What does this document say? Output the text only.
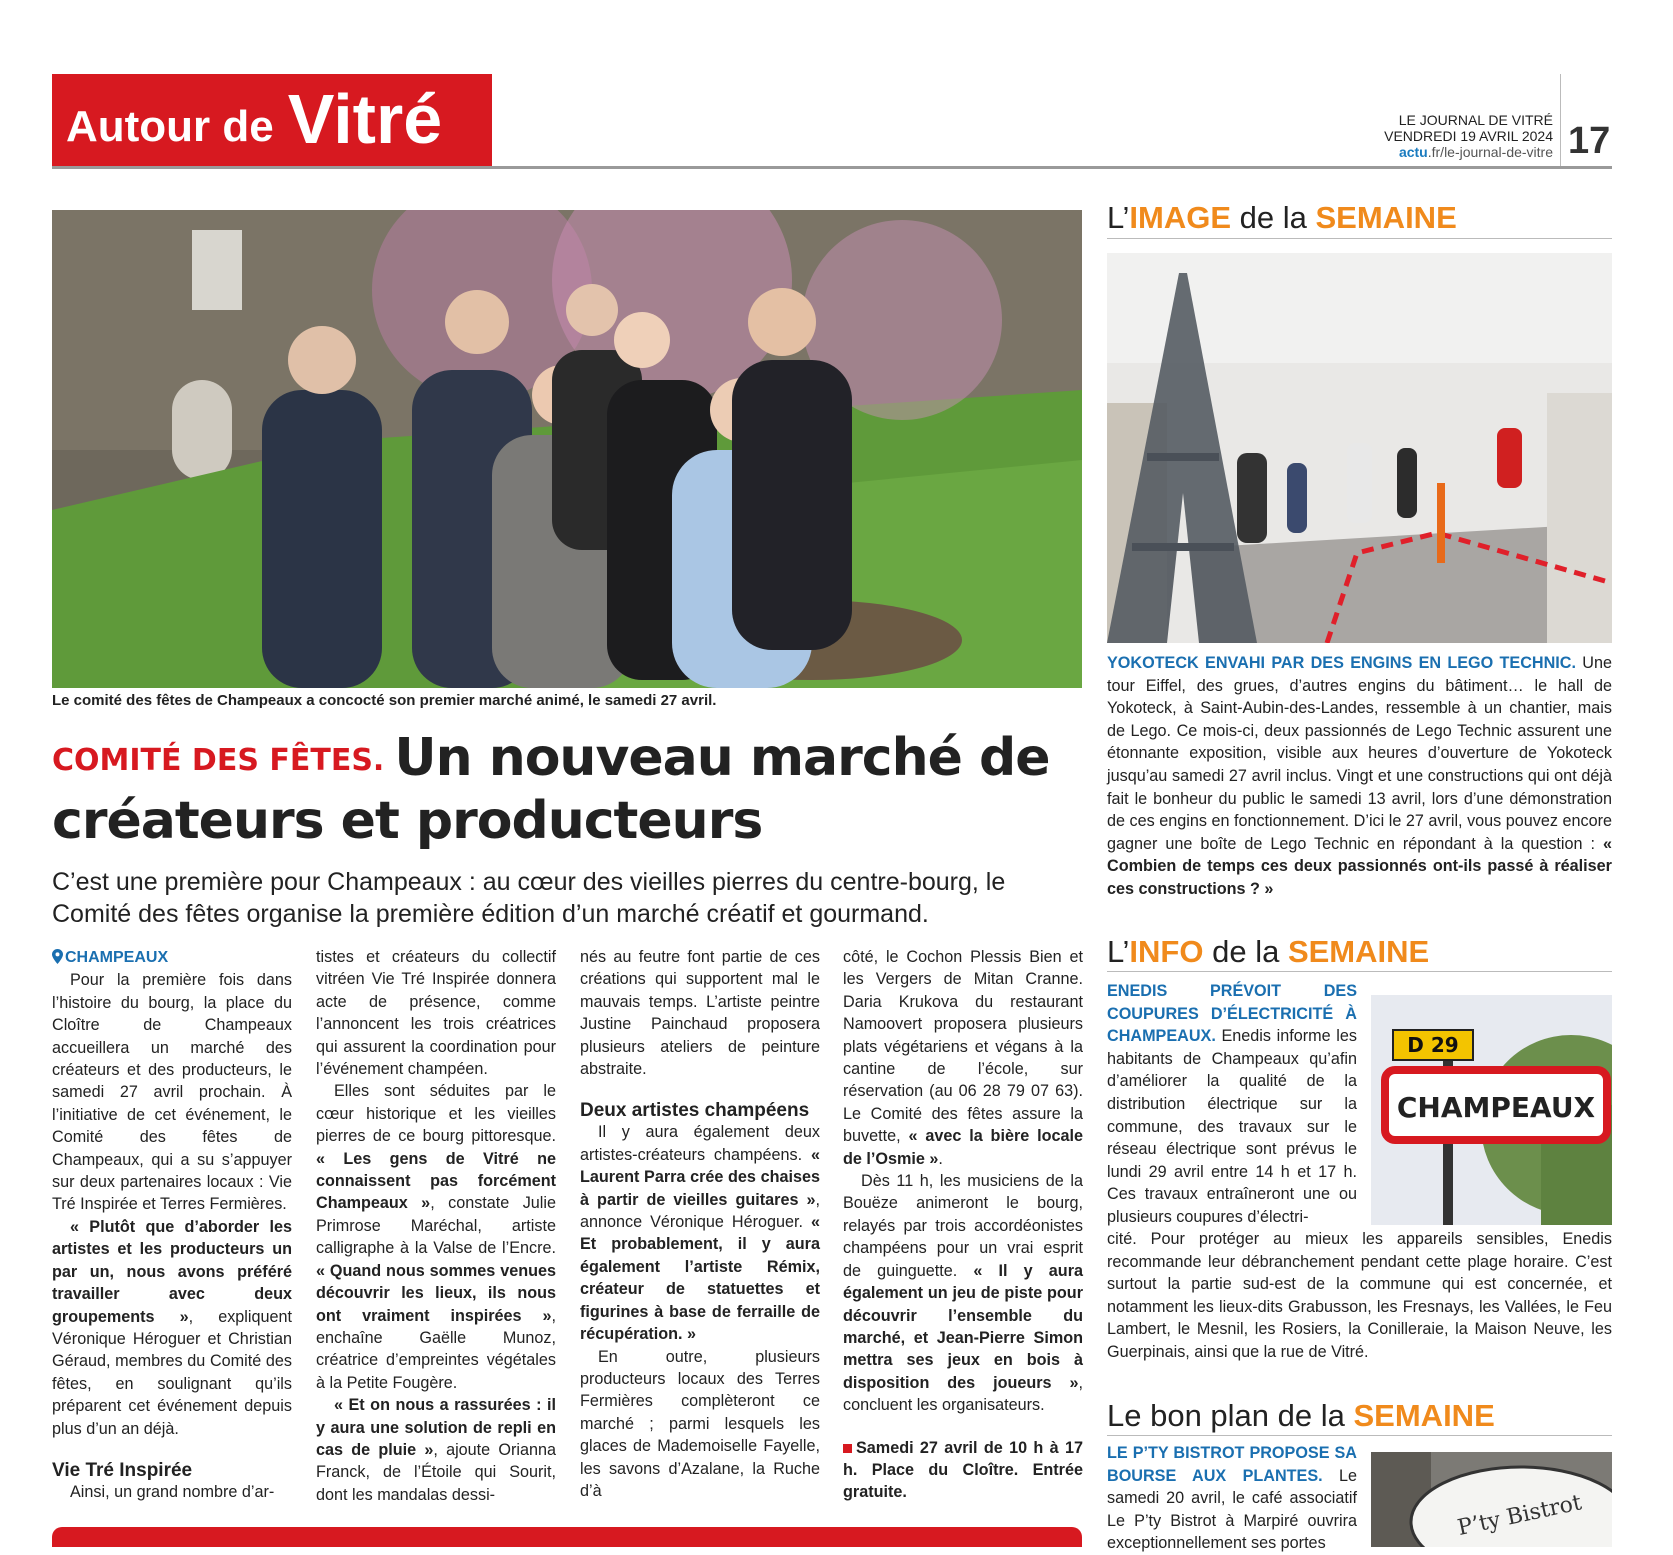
Autour de Vitré	LE JOURNAL DE VITRÉ
VENDREDI 19 AVRIL 2024
actu.fr/le-journal-de-vitre 17
Le comité des fêtes de Champeaux a concocté son premier marché animé, le samedi 27 avril.
COMITÉ DES FÊTES. Un nouveau marché de créateurs et producteurs
C’est une première pour Champeaux : au cœur des vieilles pierres du centre-bourg, le Comité des fêtes organise la première édition d’un marché créatif et gourmand.

CHAMPEAUX

Pour la première fois dans l’histoire du bourg, la place du Cloître de Champeaux accueillera un marché des créateurs et des producteurs, le samedi 27 avril prochain. À l’initiative de cet événement, le Comité des fêtes de Champeaux, qui a su s’appuyer sur deux partenaires locaux : Vie Tré Inspirée et Terres Fermières.

« Plutôt que d’aborder les artistes et les producteurs un par un, nous avons préféré travailler avec deux groupements », expliquent Véronique Héroguer et Christian Géraud, membres du Comité des fêtes, en soulignant qu’ils préparent cet événement depuis plus d’un an déjà.

Vie Tré Inspirée

Ainsi, un grand nombre d’ar-

tistes et créateurs du collectif vitréen Vie Tré Inspirée donnera acte de présence, comme l’annoncent les trois créatrices qui assurent la coordination pour l’événement champéen.

Elles sont séduites par le cœur historique et les vieilles pierres de ce bourg pittoresque. « Les gens de Vitré ne connaissent pas forcément Champeaux », constate Julie Primrose Maréchal, artiste calligraphe à la Valse de l’Encre. « Quand nous sommes venues découvrir les lieux, ils nous ont vraiment inspirées », enchaîne Gaëlle Munoz, créatrice d’empreintes végétales à la Petite Fougère.

« Et on nous a rassurées : il y aura une solution de repli en cas de pluie », ajoute Orianna Franck, de l’Étoile qui Sourit, dont les mandalas dessi-

nés au feutre font partie de ces créations qui supportent mal le mauvais temps. L’artiste peintre Justine Painchaud proposera plusieurs ateliers de peinture abstraite.

Deux artistes champéens

Il y aura également deux artistes-créateurs champéens. « Laurent Parra crée des chaises à partir de vieilles guitares », annonce Véronique Héroguer. « Et probablement, il y aura également l’artiste Rémix, créateur de statuettes et figurines à base de ferraille de récupération. »

En outre, plusieurs producteurs locaux des Terres Fermières complèteront ce marché ; parmi lesquels les glaces de Mademoiselle Fayelle, les savons d’Azalane, la Ruche d’à

côté, le Cochon Plessis Bien et les Vergers de Mitan Cranne. Daria Krukova du restaurant Namoovert proposera plusieurs plats végétariens et végans à la cantine de l’école, sur réservation (au 06 28 79 07 63). Le Comité des fêtes assure la buvette, « avec la bière locale de l’Osmie ».

Dès 11 h, les musiciens de la Bouëze animeront le bourg, relayés par trois accordéonistes champéens pour un vrai esprit de guinguette. « Il y aura également un jeu de piste pour découvrir l’ensemble du marché, et Jean-Pierre Simon mettra ses jeux en bois à disposition des joueurs », concluent les organisateurs.

Samedi 27 avril de 10 h à 17 h. Place du Cloître. Entrée gratuite.

L’IMAGE de la SEMAINE
YOKOTECK ENVAHI PAR DES ENGINS EN LEGO TECHNIC. Une tour Eiffel, des grues, d’autres engins du bâtiment… le hall de Yokoteck, à Saint-Aubin-des-Landes, ressemble à un chantier, mais de Lego. Ce mois-ci, deux passionnés de Lego Technic assurent une étonnante exposition, visible aux heures d’ouverture de Yokoteck jusqu’au samedi 27 avril inclus. Vingt et une constructions qui ont déjà fait le bonheur du public le samedi 13 avril, lors d’une démonstration de ces engins en fonctionnement. D’ici le 27 avril, vous pouvez encore gagner une boîte de Lego Technic en répondant à la question : « Combien de temps ces deux passionnés ont-ils passé à réaliser ces constructions ? »
L’INFO de la SEMAINE
D 29
CHAMPEAUX
ENEDIS PRÉVOIT DES COUPURES D’ÉLECTRICITÉ À CHAMPEAUX. Enedis informe les habitants de Champeaux qu’afin d’améliorer la qualité de la distribution électrique sur la commune, des travaux sur le réseau électrique sont prévus le lundi 29 avril entre 14 h et 17 h. Ces travaux entraîneront une ou plusieurs coupures d’électri-
cité. Pour protéger au mieux les appareils sensibles, Enedis recommande leur débranchement pendant cette plage horaire. C’est surtout la partie sud-est de la commune qui est concernée, et notamment les lieux-dits Grabusson, les Fresnays, les Vallées, le Feu Lambert, le Mesnil, les Rosiers, la Conilleraie, la Maison Neuve, les Guerpinais, ainsi que la rue de Vitré.
Le bon plan de la SEMAINE
P’ty Bistrot
LE P’TY BISTROT PROPOSE SA BOURSE AUX PLANTES. Le samedi 20 avril, le café associatif Le P’ty Bistrot à Marpiré ouvrira exceptionnellement ses portes
